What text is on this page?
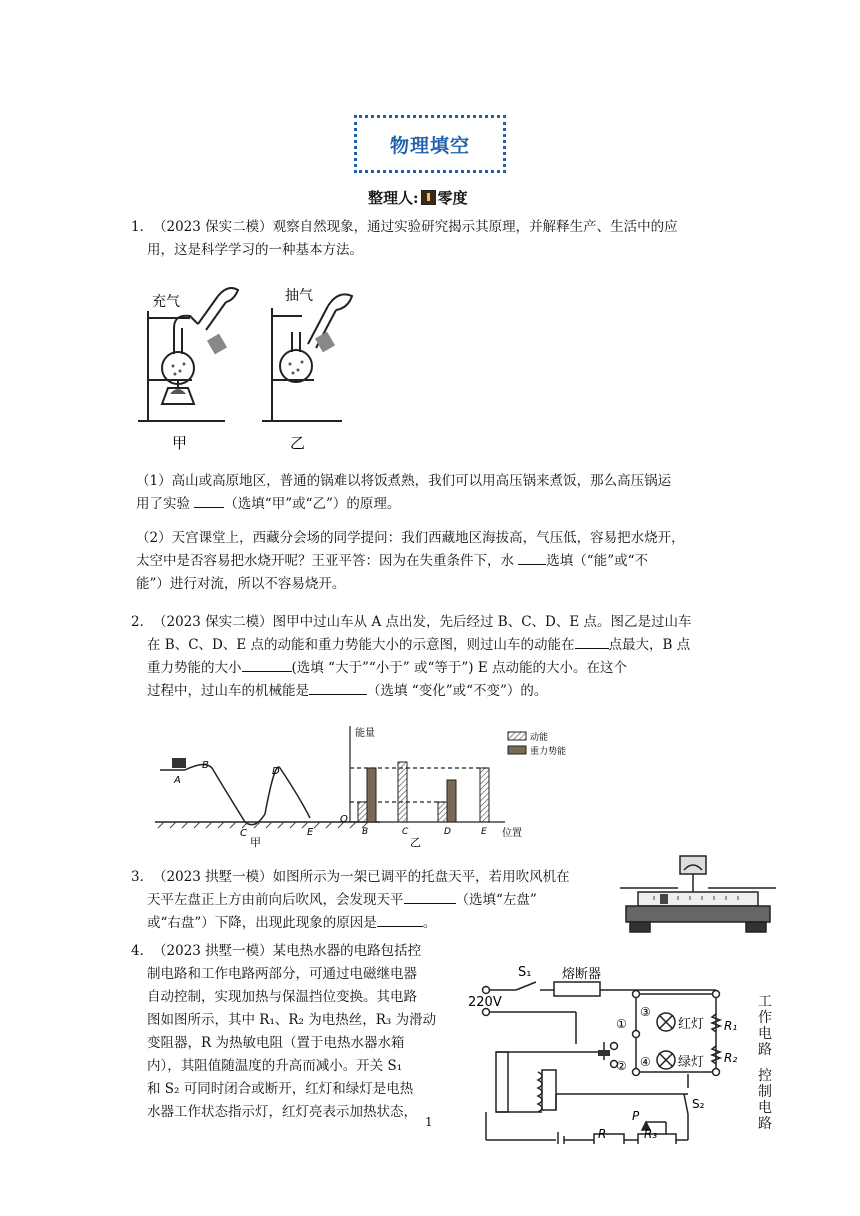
物理填空
整理人: 零度
1．（2023 保实二模）观察自然现象，通过实验研究揭示其原理，并解释生产、生活中的应
用，这是科学学习的一种基本方法。
充气	抽气
甲	乙
（1）高山或高原地区，普通的锅难以将饭煮熟，我们可以用高压锅来煮饭，那么高压锅运
用了实验	（选填“甲”或“乙”）的原理。
（2）天宫课堂上，西藏分会场的同学提问：我们西藏地区海拔高，气压低，容易把水烧开，
太空中是否容易把水烧开呢？王亚平答：因为在失重条件下，水 选填（“能”或“不
能”）进行对流，所以不容易烧开。
2．（2023 保实二模）图甲中过山车从 A 点出发，先后经过 B、C、D、E 点。图乙是过山车
在 B、C、D、E 点的动能和重力势能大小的示意图，则过山车的动能在	点最大，B 点
重力势能的大小	(选填 “大于”“小于” 或“等于”) E 点动能的大小。在这个
过程中，过山车的机械能是	（选填 “变化”或“不变”）的。
A
B
C
D
E
甲
能量
O
位置
B	C	D	E
乙
动能
重力势能
3．（2023 拱墅一模）如图所示为一架已调平的托盘天平，若用吹风机在
天平左盘正上方由前向后吹风，会发现天平	（选填“左盘”
或“右盘”）下降，出现此现象的原因是	。
4．（2023 拱墅一模）某电热水器的电路包括控
制电路和工作电路两部分，可通过电磁继电器
自动控制，实现加热与保温挡位变换。其电路
图如图所示，其中 R₁、R₂ 为电热丝，R₃ 为滑动
变阻器，R 为热敏电阻（置于电热水器水箱
内），其阻值随温度的升高而减小。开关 S₁
和 S₂ 可同时闭合或断开，红灯和绿灯是电热
水器工作状态指示灯，红灯亮表示加热状态，
S₁ 熔断器
220V
①
②
③
④
红灯
绿灯
R₁
R₂
P
S₂
R	R₃
工作电路
控制电路
1
